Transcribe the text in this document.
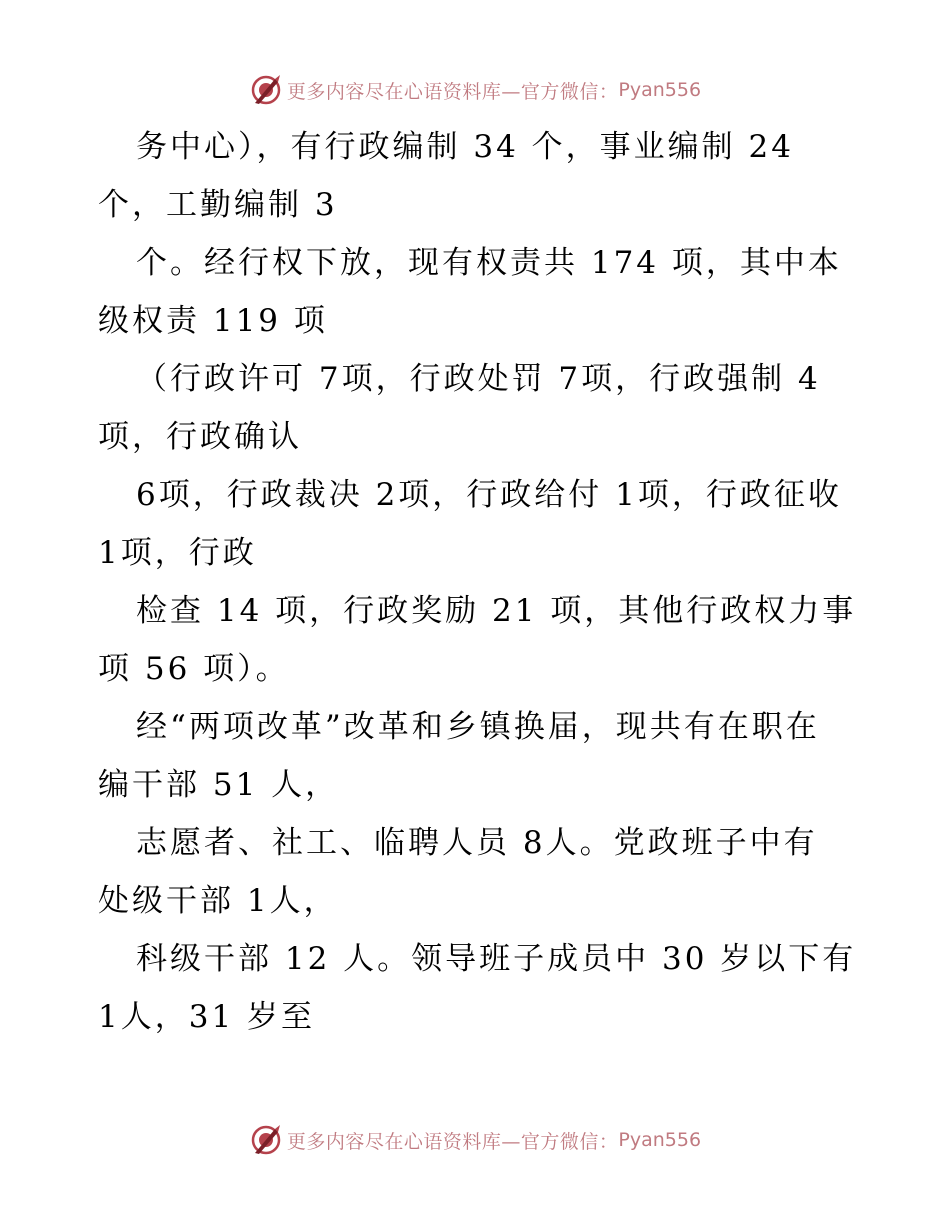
更多内容尽在心语资料库—官方微信： Pyan556
务中心），有行政编制 34 个，事业编制 24
个，工勤编制 3
个。经行权下放，现有权责共 174 项，其中本
级权责 119 项
（行政许可 7项，行政处罚 7项，行政强制 4
项，行政确认
6项，行政裁决 2项，行政给付 1项，行政征收
1项，行政
检查 14 项，行政奖励 21 项，其他行政权力事
项 56 项）。
经“两项改革”改革和乡镇换届，现共有在职在
编干部 51 人，
志愿者、社工、临聘人员 8人。党政班子中有
处级干部 1人，
科级干部 12 人。领导班子成员中 30 岁以下有
1人，31 岁至
更多内容尽在心语资料库—官方微信： Pyan556
